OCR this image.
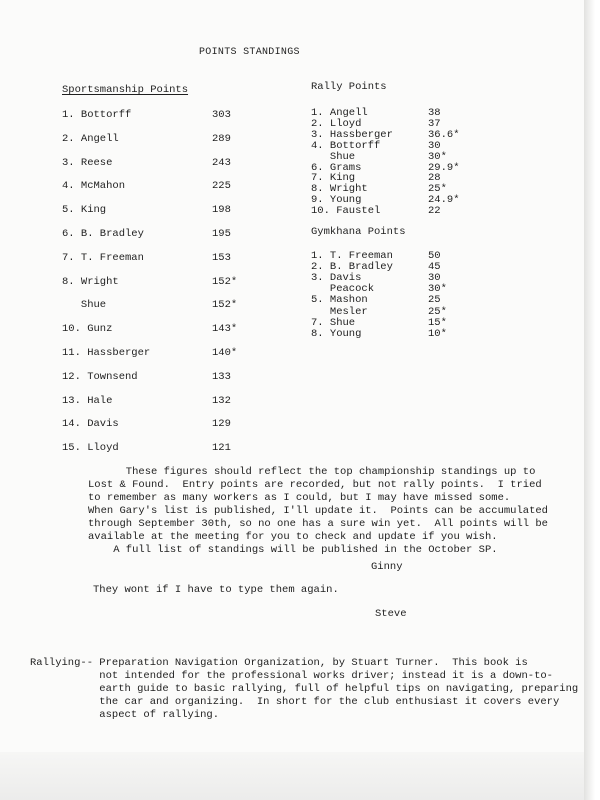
POINTS STANDINGS
Sportsmanship Points
1. Bottorff	303
2. Angell	289
3. Reese	243
4. McMahon	225
5. King	198
6. B. Bradley	195
7. T. Freeman	153
8. Wright	152*
Shue	152*
10. Gunz	143*
11. Hassberger	140*
12. Townsend	133
13. Hale	132
14. Davis	129
15. Lloyd	121
Rally Points
1. Angell	38
2. Lloyd	37
3. Hassberger	36.6*
4. Bottorff	30
Shue	30*
6. Grams	29.9*
7. King	28
8. Wright	25*
9. Young	24.9*
10. Faustel	22
Gymkhana Points
1. T. Freeman	50
2. B. Bradley	45
3. Davis	30
Peacock	30*
5. Mashon	25
Mesler	25*
7. Shue	15*
8. Young	10*
These figures should reflect the top championship standings up to
Lost & Found.  Entry points are recorded, but not rally points.  I tried
to remember as many workers as I could, but I may have missed some.
When Gary's list is published, I'll update it.  Points can be accumulated
through September 30th, so no one has a sure win yet.  All points will be
available at the meeting for you to check and update if you wish.
A full list of standings will be published in the October SP.
Ginny
They wont if I have to type them again.
Steve
Rallying-- Preparation Navigation Organization, by Stuart Turner.  This book is
not intended for the professional works driver; instead it is a down-to-
earth guide to basic rallying, full of helpful tips on navigating, preparing
the car and organizing.  In short for the club enthusiast it covers every
aspect of rallying.
